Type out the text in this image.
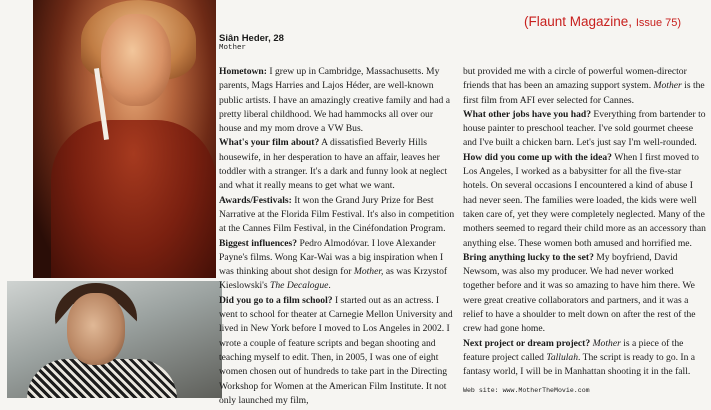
(Flaunt Magazine, Issue 75)
Siân Heder, 28
Mother

Hometown: I grew up in Cambridge, Massachusetts. My parents, Mags Harries and Lajos Héder, are well-known public artists. I have an amazingly creative family and had a pretty liberal childhood. We had hammocks all over our house and my mom drove a VW Bus.

What's your film about? A dissatisfied Beverly Hills housewife, in her desperation to have an affair, leaves her toddler with a stranger. It's a dark and funny look at neglect and what it really means to get what we want.

Awards/Festivals: It won the Grand Jury Prize for Best Narrative at the Florida Film Festival. It's also in competition at the Cannes Film Festival, in the Cinéfondation Program.

Biggest influences? Pedro Almodóvar. I love Alexander Payne's films. Wong Kar-Wai was a big inspiration when I was thinking about shot design for Mother, as was Krzystof Kieslowski's The Decalogue.

Did you go to a film school? I started out as an actress. I went to school for theater at Carnegie Mellon University and lived in New York before I moved to Los Angeles in 2002. I wrote a couple of feature scripts and began shooting and teaching myself to edit. Then, in 2005, I was one of eight women chosen out of hundreds to take part in the Directing Workshop for Women at the American Film Institute. It not only launched my film,

but provided me with a circle of powerful women-director friends that has been an amazing support system. Mother is the first film from AFI ever selected for Cannes.

What other jobs have you had? Everything from bartender to house painter to preschool teacher. I've sold gourmet cheese and I've built a chicken barn. Let's just say I'm well-rounded.

How did you come up with the idea? When I first moved to Los Angeles, I worked as a babysitter for all the five-star hotels. On several occasions I encountered a kind of abuse I had never seen. The families were loaded, the kids were well taken care of, yet they were completely neglected. Many of the mothers seemed to regard their child more as an accessory than anything else. These women both amused and horrified me.

Bring anything lucky to the set? My boyfriend, David Newsom, was also my producer. We had never worked together before and it was so amazing to have him there. We were great creative collaborators and partners, and it was a relief to have a shoulder to melt down on after the rest of the crew had gone home.

Next project or dream project? Mother is a piece of the feature project called Tallulah. The script is ready to go. In a fantasy world, I will be in Manhattan shooting it in the fall.

Web site: www.MotherTheMovie.com
